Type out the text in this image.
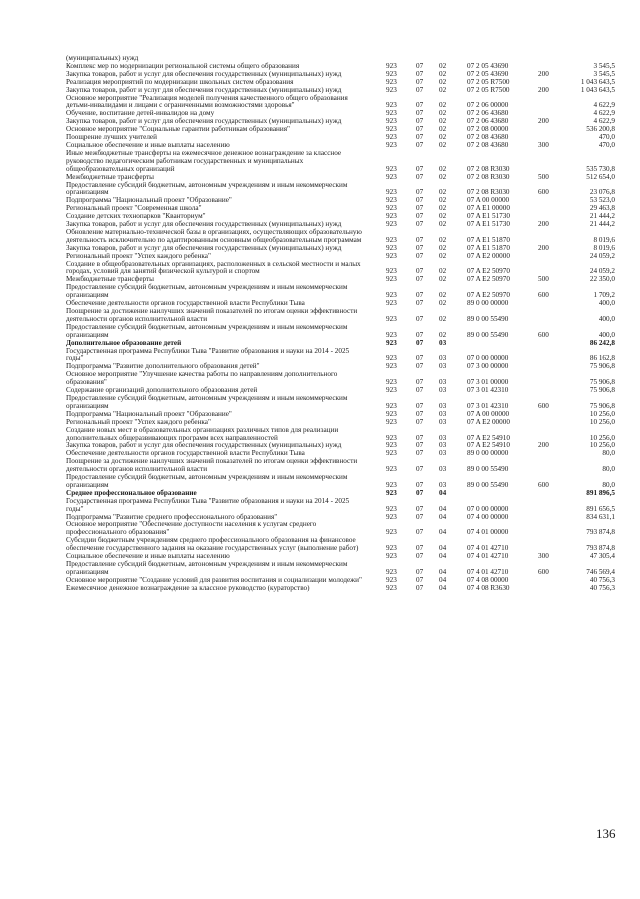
(муниципальных) нужд
Комплекс мер по модернизации региональной системы общего образования	923	07 02	07 2 05 43690	3 545,5
Закупка товаров, работ и услуг для обеспечения государственных (муниципальных) нужд	923	07 02	07 2 05 43690	200	3 545,5
Реализация мероприятий по модернизации школьных систем образования	923	07 02	07 2 05 R7500	1 043 643,5
Закупка товаров, работ и услуг для обеспечения государственных (муниципальных) нужд	923	07 02	07 2 05 R7500	200	1 043 643,5
Основное мероприятие "Реализация моделей получения качественного общего образования детьми-инвалидами и лицами с ограниченными возможностями здоровья"	923	07 02	07 2 06 00000	4 622,9
Обучение, воспитание детей-инвалидов на дому	923	07 02	07 2 06 43680	4 622,9
Закупка товаров, работ и услуг для обеспечения государственных (муниципальных) нужд	923	07 02	07 2 06 43680	200	4 622,9
Основное мероприятие "Социальные гарантии работникам образования"	923	07 02	07 2 08 00000	536 200,8
Поощрение лучших учителей	923	07 02	07 2 08 43680	470,0
Социальное обеспечение и иные выплаты населению	923	07 02	07 2 08 43680	300	470,0
Иные межбюджетные трансферты на ежемесячное денежное вознаграждение за классное руководство педагогическим работникам государственных и муниципальных общеобразовательных организаций	923	07 02	07 2 08 R3030	535 730,8
Межбюджетные трансферты	923	07 02	07 2 08 R3030	500	512 654,0
Предоставление субсидий бюджетным, автономным учреждениям и иным некоммерческим организациям	923	07 02	07 2 08 R3030	600	23 076,8
Подпрограмма "Национальный проект "Образование"	923	07 02	07 A 00 00000	53 523,0
Региональный проект "Современная школа"	923	07 02	07 A E1 00000	29 463,8
Создание детских технопарков "Кванториум"	923	07 02	07 A E1 51730	21 444,2
Закупка товаров, работ и услуг для обеспечения государственных (муниципальных) нужд	923	07 02	07 A E1 51730	200	21 444,2
Обновление материально-технической базы в организациях, осуществляющих образовательную деятельность исключительно по адаптированным основным общеобразовательным программам	923	07 02	07 A E1 51870	8 019,6
Закупка товаров, работ и услуг для обеспечения государственных (муниципальных) нужд	923	07 02	07 A E1 51870	200	8 019,6
Региональный проект "Успех каждого ребенка"	923	07 02	07 A E2 00000	24 059,2
Создание в общеобразовательных организациях, расположенных в сельской местности и малых городах, условий для занятий физической культурой и спортом	923	07 02	07 A E2 50970	24 059,2
Межбюджетные трансферты	923	07 02	07 A E2 50970	500	22 350,0
Предоставление субсидий бюджетным, автономным учреждениям и иным некоммерческим организациям	923	07 02	07 A E2 50970	600	1 709,2
Обеспечение деятельности органов государственной власти Республики Тыва	923	07 02	89 0 00 00000	400,0
Поощрение за достижение наилучших значений показателей по итогам оценки эффективности деятельности органов исполнительной власти	923	07 02	89 0 00 55490	400,0
Предоставление субсидий бюджетным, автономным учреждениям и иным некоммерческим организациям	923	07 02	89 0 00 55490	600	400,0
Дополнительное образование детей	923	07 03	86 242,8
Государственная программа Республики Тыва "Развитие образования и науки на 2014 - 2025 годы"	923	07 03	07 0 00 00000	86 162,8
Подпрограмма "Развитие дополнительного образования детей"	923	07 03	07 3 00 00000	75 906,8
Основное мероприятие "Улучшение качества работы по направлениям дополнительного образования"	923	07 03	07 3 01 00000	75 906,8
Содержание организаций дополнительного образования детей	923	07 03	07 3 01 42310	75 906,8
Предоставление субсидий бюджетным, автономным учреждениям и иным некоммерческим организациям	923	07 03	07 3 01 42310	600	75 906,8
Подпрограмма "Национальный проект "Образование"	923	07 03	07 A 00 00000	10 256,0
Региональный проект "Успех каждого ребенка"	923	07 03	07 A E2 00000	10 256,0
Создание новых мест в образовательных организациях различных типов для реализации дополнительных общеразвивающих программ всех направленностей	923	07 03	07 A E2 54910	10 256,0
Закупка товаров, работ и услуг для обеспечения государственных (муниципальных) нужд	923	07 03	07 A E2 54910	200	10 256,0
Обеспечение деятельности органов государственной власти Республики Тыва	923	07 03	89 0 00 00000	80,0
Поощрение за достижение наилучших значений показателей по итогам оценки эффективности деятельности органов исполнительной власти	923	07 03	89 0 00 55490	80,0
Предоставление субсидий бюджетным, автономным учреждениям и иным некоммерческим организациям	923	07 03	89 0 00 55490	600	80,0
Среднее профессиональное образование	923	07 04	891 896,5
Государственная программа Республики Тыва "Развитие образования и науки на 2014 - 2025 годы"	923	07 04	07 0 00 00000	891 656,5
Подпрограмма "Развитие среднего профессионального образования"	923	07 04	07 4 00 00000	834 631,1
Основное мероприятие "Обеспечение доступности населения к услугам среднего профессионального образования"	923	07 04	07 4 01 00000	793 874,8
Субсидии бюджетным учреждениям среднего профессионального образования на финансовое обеспечение государственного задания на оказание государственных услуг (выполнение работ)	923	07 04	07 4 01 42710	793 874,8
Социальное обеспечение и иные выплаты населению	923	07 04	07 4 01 42710	300	47 305,4
Предоставление субсидий бюджетным, автономным учреждениям и иным некоммерческим организациям	923	07 04	07 4 01 42710	600	746 569,4
Основное мероприятие "Создание условий для развития воспитания и социализации молодежи"	923	07 04	07 4 08 00000	40 756,3
Ежемесячное денежное вознаграждение за классное руководство (кураторство)	923	07 04	07 4 08 R3630	40 756,3
136
